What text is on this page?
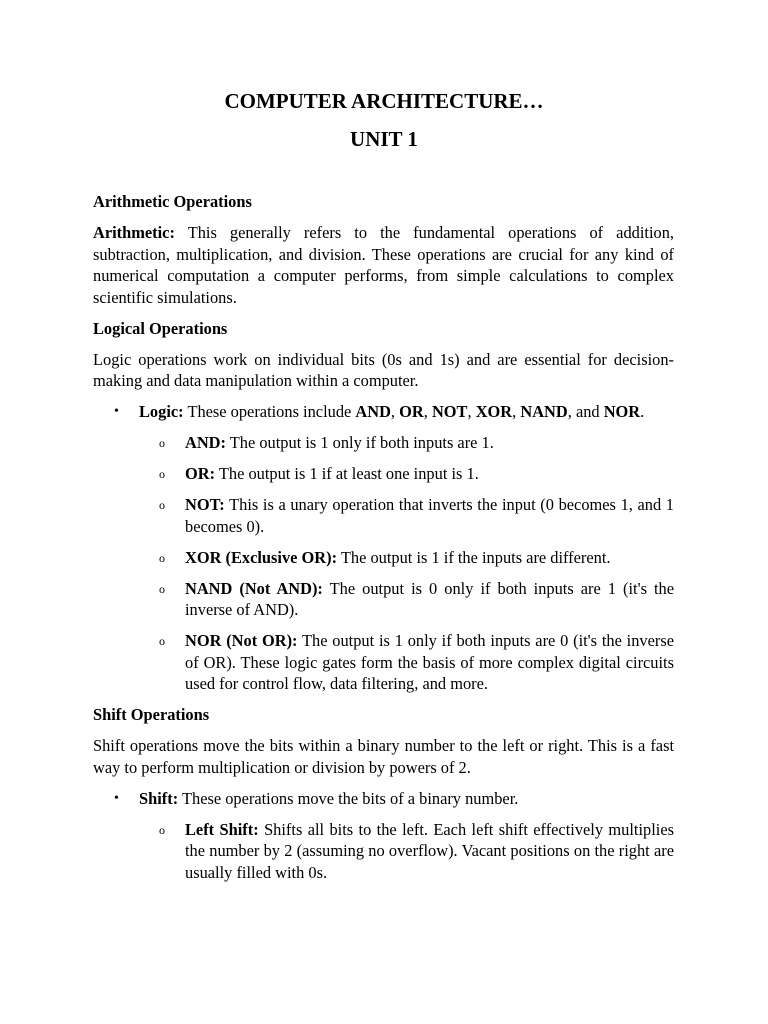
COMPUTER ARCHITECTURE…
UNIT 1

Arithmetic Operations

Arithmetic: This generally refers to the fundamental operations of addition, subtraction, multiplication, and division. These operations are crucial for any kind of numerical computation a computer performs, from simple calculations to complex scientific simulations.

Logical Operations

Logic operations work on individual bits (0s and 1s) and are essential for decision-making and data manipulation within a computer.

• Logic: These operations include AND, OR, NOT, XOR, NAND, and NOR.
o AND: The output is 1 only if both inputs are 1.
o OR: The output is 1 if at least one input is 1.
o NOT: This is a unary operation that inverts the input (0 becomes 1, and 1 becomes 0).
o XOR (Exclusive OR): The output is 1 if the inputs are different.
o NAND (Not AND): The output is 0 only if both inputs are 1 (it's the inverse of AND).
o NOR (Not OR): The output is 1 only if both inputs are 0 (it's the inverse of OR). These logic gates form the basis of more complex digital circuits used for control flow, data filtering, and more.

Shift Operations

Shift operations move the bits within a binary number to the left or right. This is a fast way to perform multiplication or division by powers of 2.

• Shift: These operations move the bits of a binary number.
o Left Shift: Shifts all bits to the left. Each left shift effectively multiplies the number by 2 (assuming no overflow). Vacant positions on the right are usually filled with 0s.
